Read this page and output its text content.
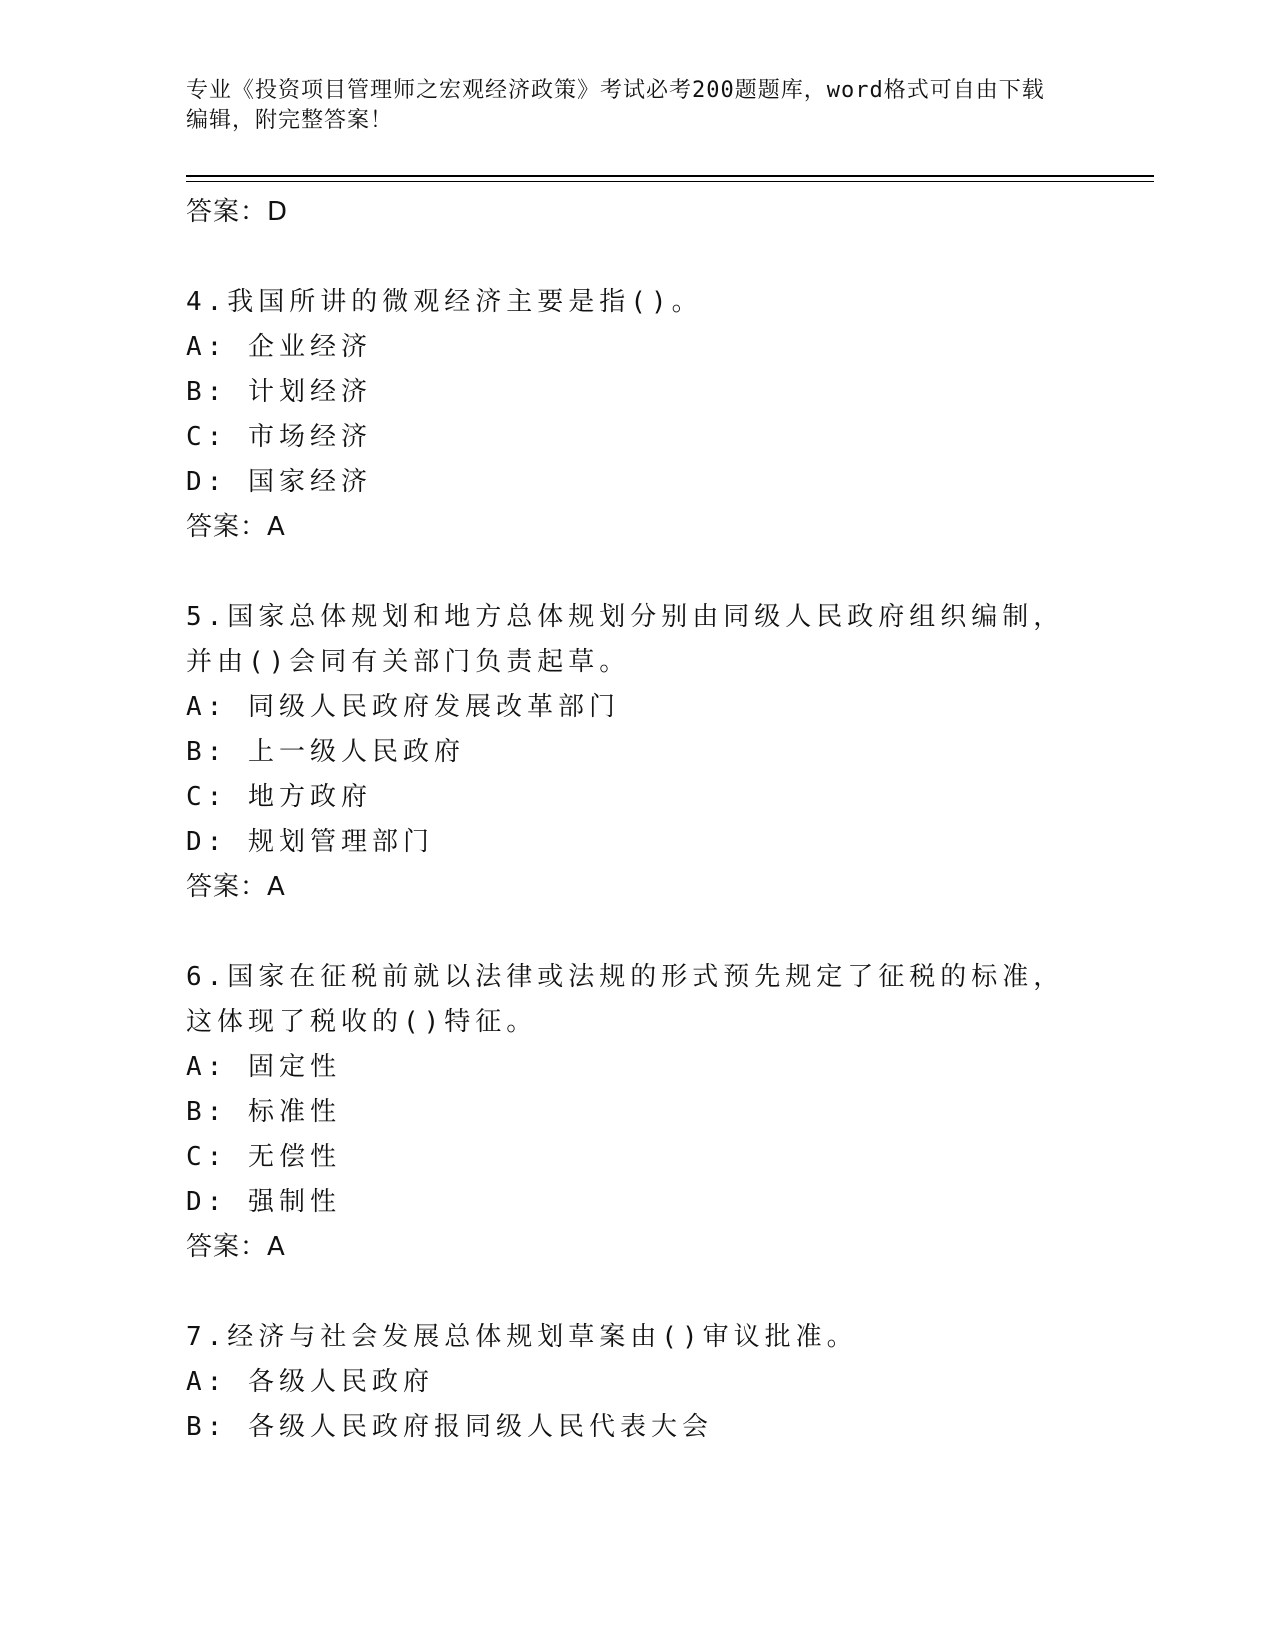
专业《投资项目管理师之宏观经济政策》考试必考200题题库，word格式可自由下载编辑，附完整答案！
答案：D
4.我国所讲的微观经济主要是指()。
A: 企业经济
B: 计划经济
C: 市场经济
D: 国家经济
答案：A
5.国家总体规划和地方总体规划分别由同级人民政府组织编制，并由()会同有关部门负责起草。
A: 同级人民政府发展改革部门
B: 上一级人民政府
C: 地方政府
D: 规划管理部门
答案：A
6.国家在征税前就以法律或法规的形式预先规定了征税的标准，这体现了税收的()特征。
A: 固定性
B: 标准性
C: 无偿性
D: 强制性
答案：A
7.经济与社会发展总体规划草案由()审议批准。
A: 各级人民政府
B: 各级人民政府报同级人民代表大会
